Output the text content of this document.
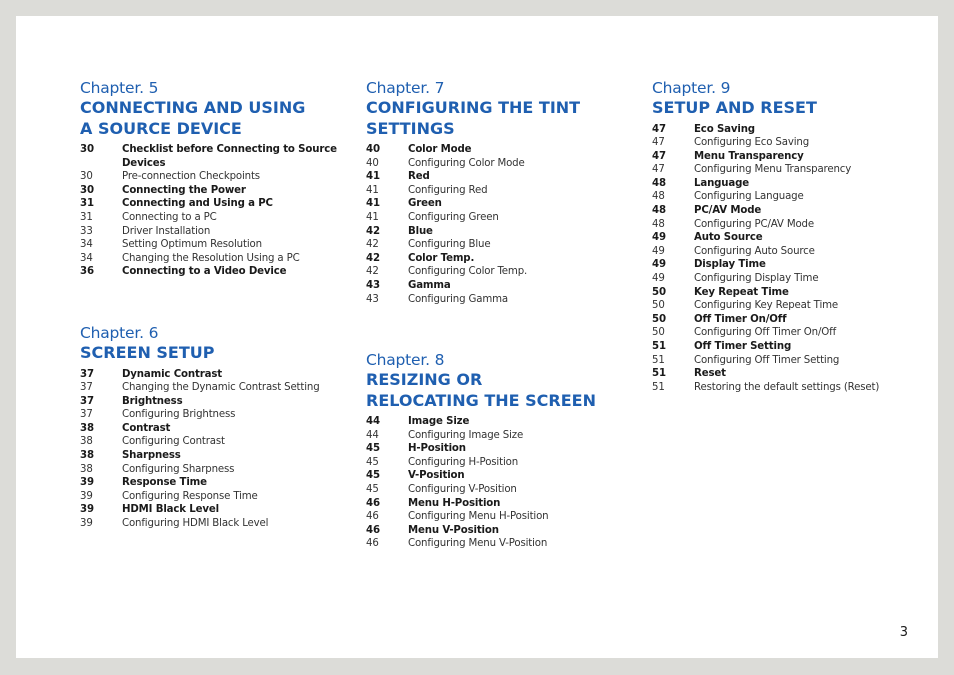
Chapter. 5
CONNECTING AND USING A SOURCE DEVICE
30	Checklist before Connecting to Source Devices
30	Pre-connection Checkpoints
30	Connecting the Power
31	Connecting and Using a PC
31	Connecting to a PC
33	Driver Installation
34	Setting Optimum Resolution
34	Changing the Resolution Using a PC
36	Connecting to a Video Device
Chapter. 6
SCREEN SETUP
37	Dynamic Contrast
37	Changing the Dynamic Contrast Setting
37	Brightness
37	Configuring Brightness
38	Contrast
38	Configuring Contrast
38	Sharpness
38	Configuring Sharpness
39	Response Time
39	Configuring Response Time
39	HDMI Black Level
39	Configuring HDMI Black Level
Chapter. 7
CONFIGURING THE TINT SETTINGS
40	Color Mode
40	Configuring Color Mode
41	Red
41	Configuring Red
41	Green
41	Configuring Green
42	Blue
42	Configuring Blue
42	Color Temp.
42	Configuring Color Temp.
43	Gamma
43	Configuring Gamma
Chapter. 8
RESIZING OR RELOCATING THE SCREEN
44	Image Size
44	Configuring Image Size
45	H-Position
45	Configuring H-Position
45	V-Position
45	Configuring V-Position
46	Menu H-Position
46	Configuring Menu H-Position
46	Menu V-Position
46	Configuring Menu V-Position
Chapter. 9
SETUP AND RESET
47	Eco Saving
47	Configuring Eco Saving
47	Menu Transparency
47	Configuring Menu Transparency
48	Language
48	Configuring Language
48	PC/AV Mode
48	Configuring PC/AV Mode
49	Auto Source
49	Configuring Auto Source
49	Display Time
49	Configuring Display Time
50	Key Repeat Time
50	Configuring Key Repeat Time
50	Off Timer On/Off
50	Configuring Off Timer On/Off
51	Off Timer Setting
51	Configuring Off Timer Setting
51	Reset
51	Restoring the default settings (Reset)
3
